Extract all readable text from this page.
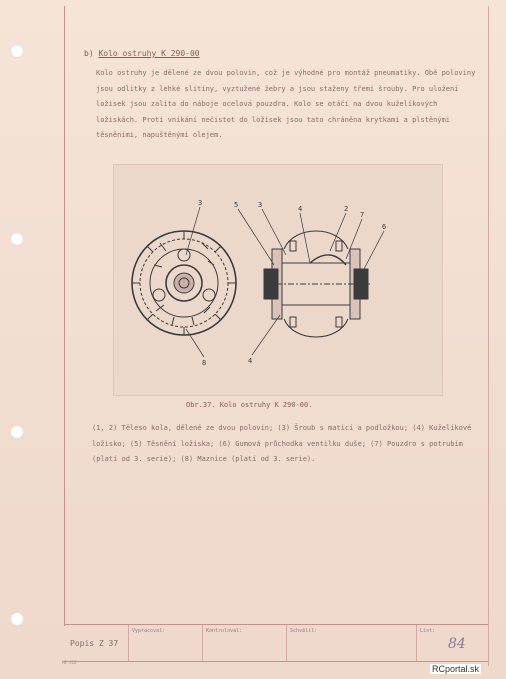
b) Kolo ostruhy K 290-00
Kolo ostruhy je dělené ze dvou polovin, což je výhodné pro montáž pneumatiky. Obě poloviny jsou odlitky z lehké slitiny, vyztužené žebry a jsou staženy třemi šrouby. Pro uložení ložisek jsou zalita do náboje ocelová pouzdra. Kolo se otáčí na dvou kuželíkových ložiskách. Proti vnikání nečistot do ložisek jsou tato chráněna krytkami a plstěnými těsněními, napuštěnými olejem.
3	5	3	4	2
7
6
8	4
Obr.37. Kolo ostruhy K 290-00.
(1, 2) Těleso kola, dělené ze dvou polovin; (3) Šroub s maticí a podložkou; (4) Kuželíkové ložisko; (5) Těsnění ložiska; (6) Gumová průchodka ventilku duše; (7) Pouzdro s potrubím (platí od 3. serie); (8) Maznice (platí od 3. serie).
Popis Z 37
Vypracoval:	Kontroloval:	Schválil:	List:
84
ME 416
RCportal.sk
